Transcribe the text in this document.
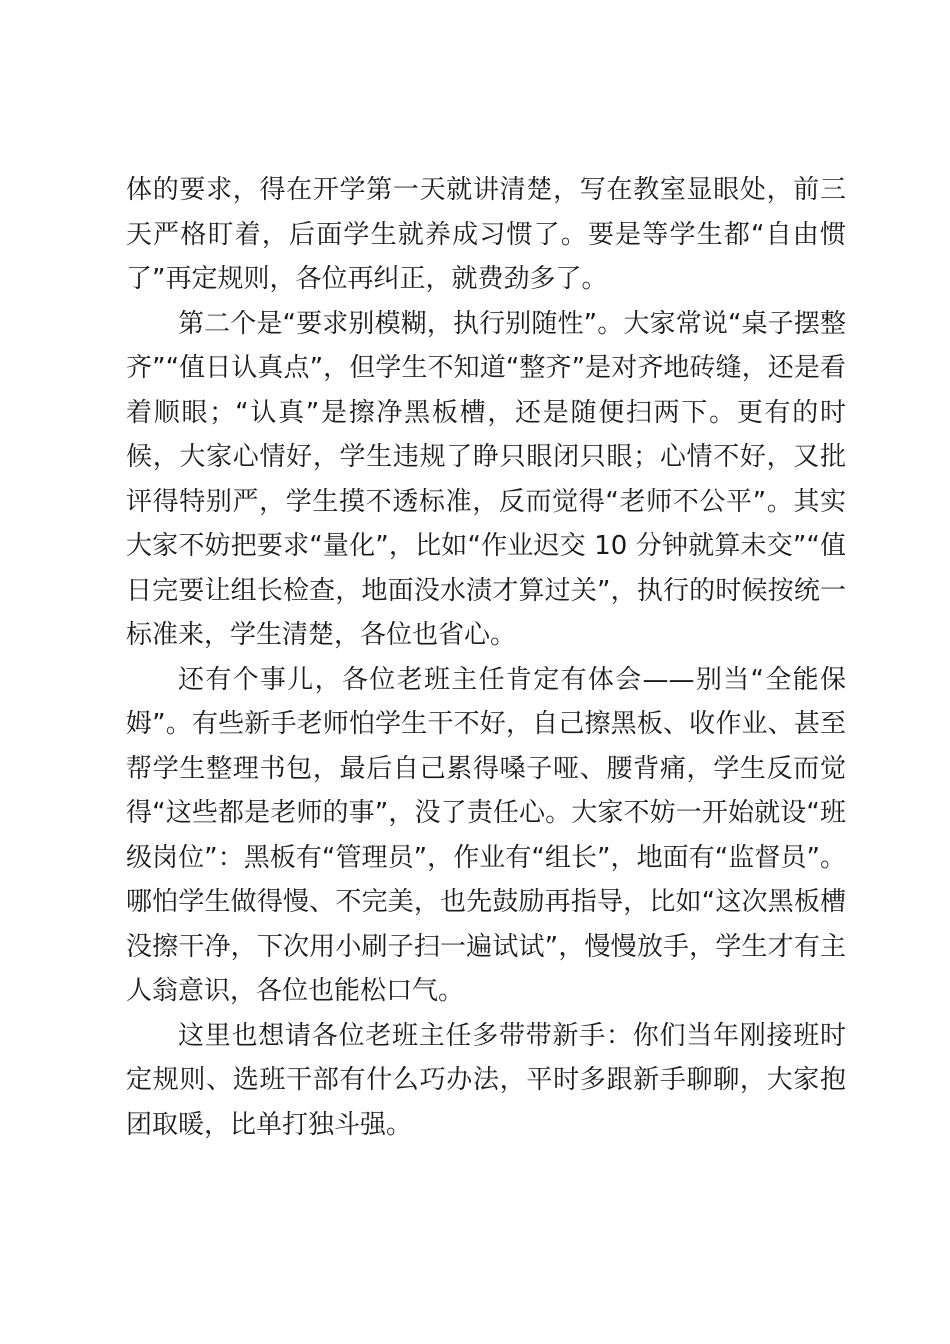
体的要求，得在开学第一天就讲清楚，写在教室显眼处，前三天严格盯着，后面学生就养成习惯了。要是等学生都“自由惯了”再定规则，各位再纠正，就费劲多了。

第二个是“要求别模糊，执行别随性”。大家常说“桌子摆整齐”“值日认真点”，但学生不知道“整齐”是对齐地砖缝，还是看着顺眼；“认真”是擦净黑板槽，还是随便扫两下。更有的时候，大家心情好，学生违规了睁只眼闭只眼；心情不好，又批评得特别严，学生摸不透标准，反而觉得“老师不公平”。其实大家不妨把要求“量化”，比如“作业迟交 10 分钟就算未交”“值日完要让组长检查，地面没水渍才算过关”，执行的时候按统一标准来，学生清楚，各位也省心。

还有个事儿，各位老班主任肯定有体会——别当“全能保姆”。有些新手老师怕学生干不好，自己擦黑板、收作业、甚至帮学生整理书包，最后自己累得嗓子哑、腰背痛，学生反而觉得“这些都是老师的事”，没了责任心。大家不妨一开始就设“班级岗位”：黑板有“管理员”，作业有“组长”，地面有“监督员”。哪怕学生做得慢、不完美，也先鼓励再指导，比如“这次黑板槽没擦干净，下次用小刷子扫一遍试试”，慢慢放手，学生才有主人翁意识，各位也能松口气。

这里也想请各位老班主任多带带新手：你们当年刚接班时定规则、选班干部有什么巧办法，平时多跟新手聊聊，大家抱团取暖，比单打独斗强。
